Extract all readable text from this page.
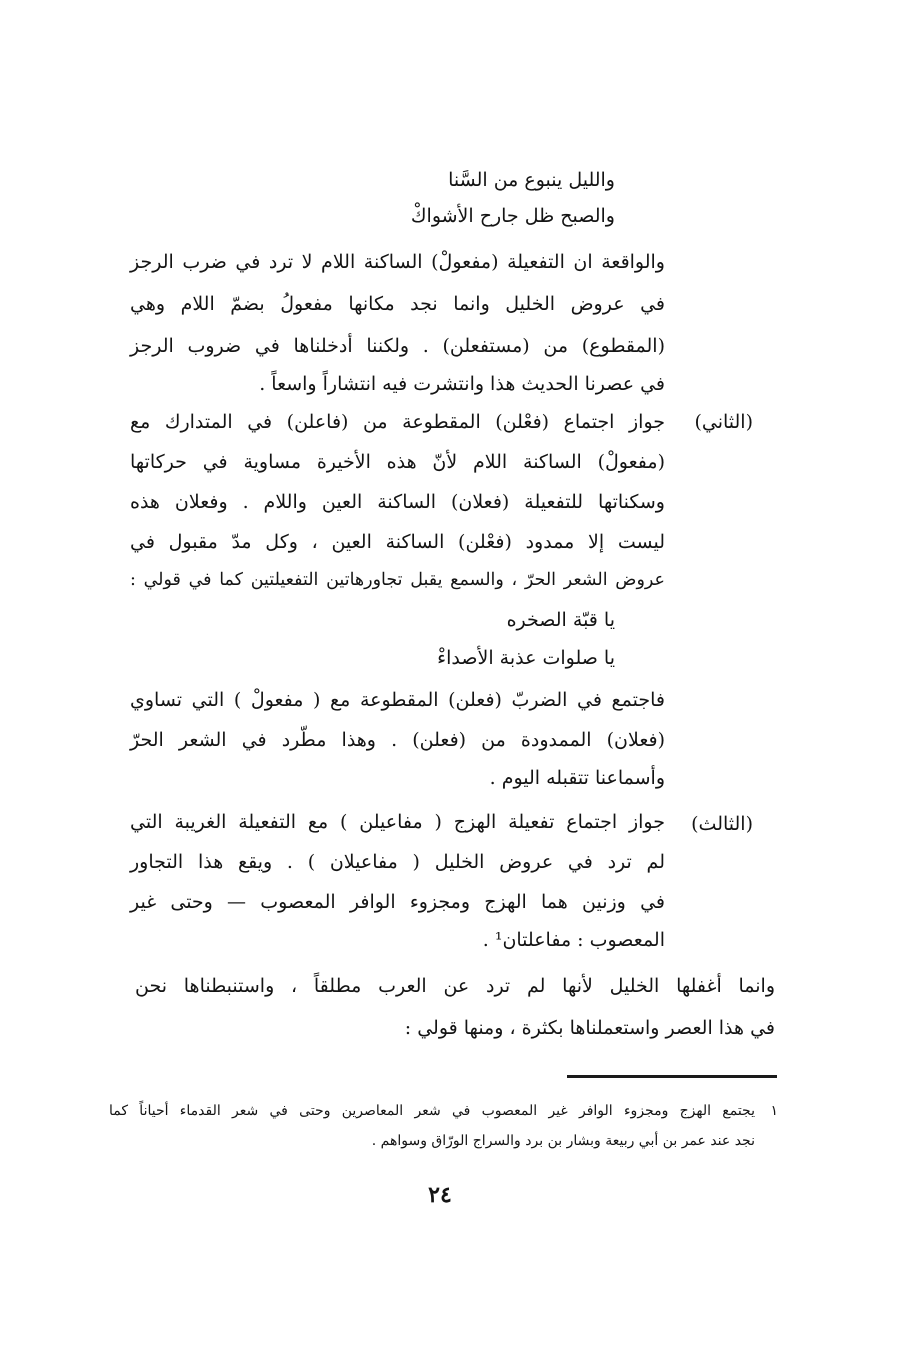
والليل ينبوع من السَّنا
والصبح ظل جارح الأشواكْ
والواقعة ان التفعيلة (مفعولْ) الساكنة اللام لا ترد في ضرب الرجز
في عروض الخليل وانما نجد مكانها مفعولُ بضمّ اللام وهي
(المقطوع) من (مستفعلن) . ولكننا أدخلناها في ضروب الرجز
في عصرنا الحديث هذا وانتشرت فيه انتشاراً واسعاً .
(الثاني)
جواز اجتماع (فعْلن) المقطوعة من (فاعلن) في المتدارك مع
(مفعولْ) الساكنة اللام لأنّ هذه الأخيرة مساوية في حركاتها
وسكناتها للتفعيلة (فعلان) الساكنة العين واللام . وفعلان هذه
ليست إلا ممدود (فعْلن) الساكنة العين ، وكل مدّ مقبول في
عروض الشعر الحرّ ، والسمع يقبل تجاورهاتين التفعيلتين كما في قولي :
يا قبّة الصخره
يا صلوات عذبة الأصداءْ
فاجتمع في الضربّ (فعلن) المقطوعة مع ( مفعولْ ) التي تساوي
(فعلان) الممدودة من (فعلن) . وهذا مطّرد في الشعر الحرّ
وأسماعنا تتقبله اليوم .
(الثالث)
جواز اجتماع تفعيلة الهزج ( مفاعيلن ) مع التفعيلة الغريبة التي
لم ترد في عروض الخليل ( مفاعيلان ) . ويقع هذا التجاور
في وزنين هما الهزج ومجزوء الوافر المعصوب — وحتى غير
المعصوب : مفاعلتان¹ .
وانما أغفلها الخليل لأنها لم ترد عن العرب مطلقاً ، واستنبطناها نحن
في هذا العصر واستعملناها بكثرة ، ومنها قولي :
١
يجتمع الهزج ومجزوء الوافر غير المعصوب في شعر المعاصرين وحتى في شعر القدماء أحياناً كما
نجد عند عمر بن أبي ربيعة وبشار بن برد والسراج الورّاق وسواهم .
٢٤
